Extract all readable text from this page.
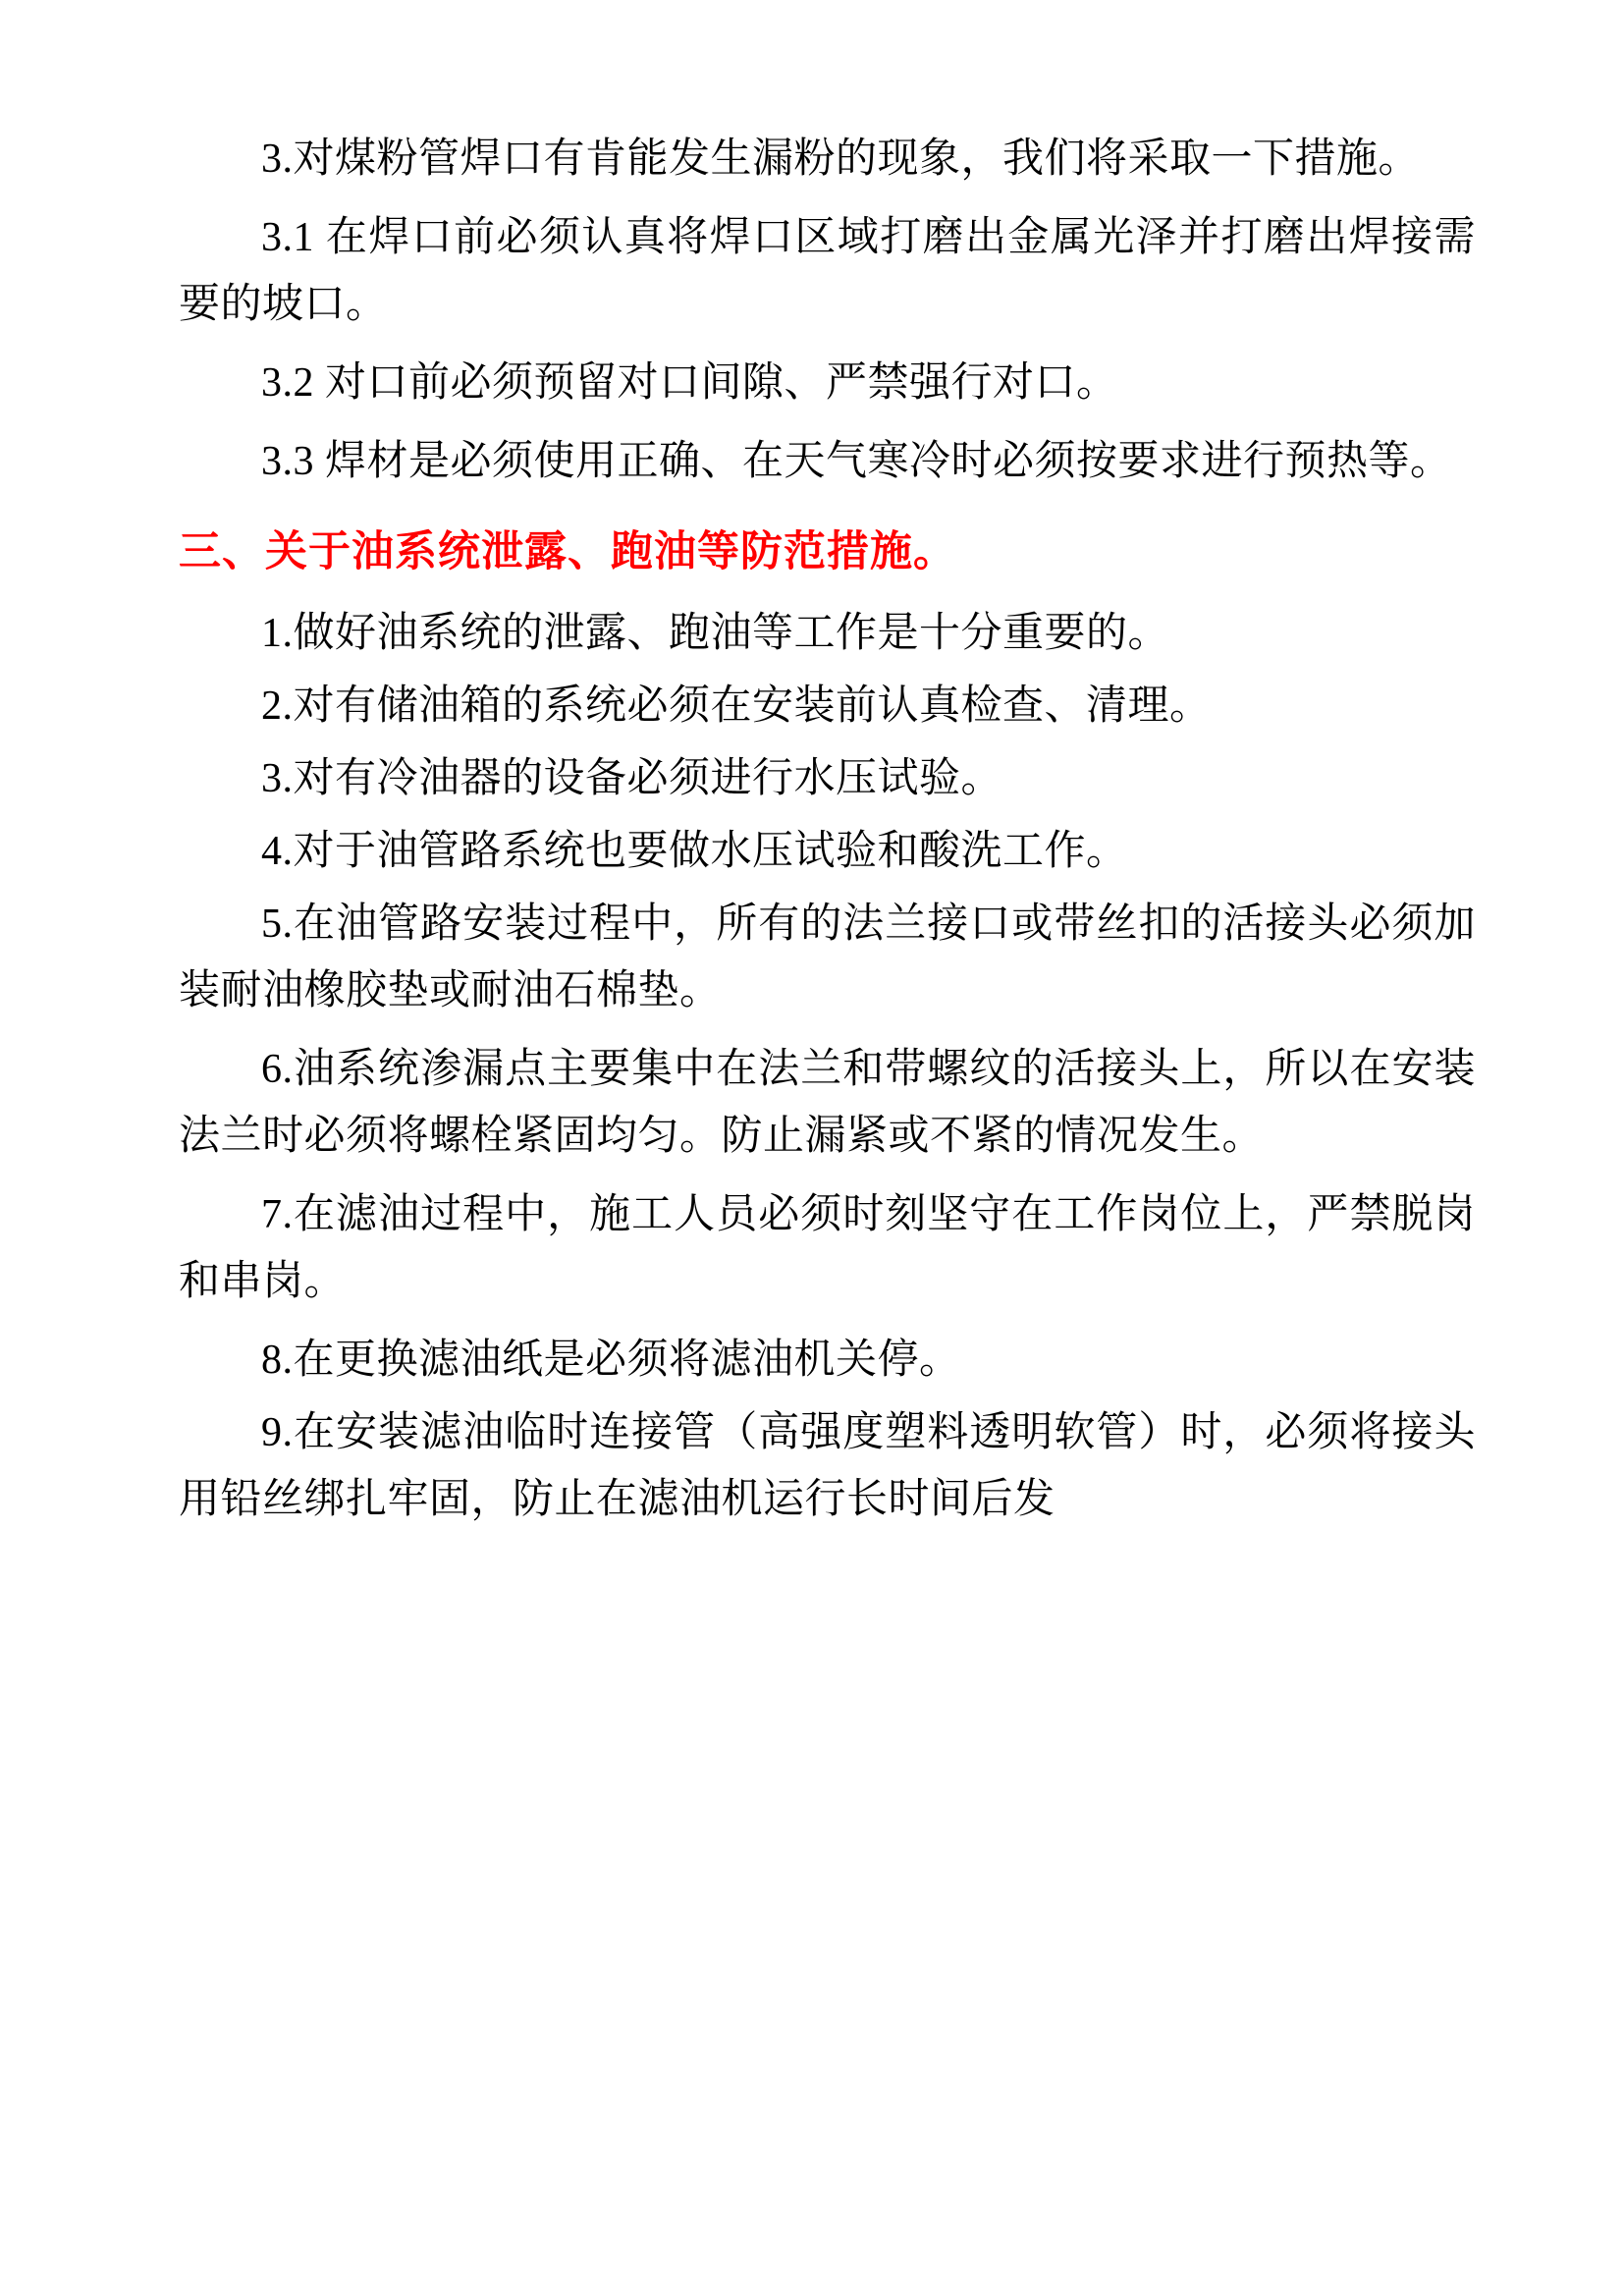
3.对煤粉管焊口有肯能发生漏粉的现象，我们将采取一下措施。

3.1 在焊口前必须认真将焊口区域打磨出金属光泽并打磨出焊接需要的坡口。

3.2 对口前必须预留对口间隙、严禁强行对口。

3.3 焊材是必须使用正确、在天气寒冷时必须按要求进行预热等。

三、关于油系统泄露、跑油等防范措施。

1.做好油系统的泄露、跑油等工作是十分重要的。

2.对有储油箱的系统必须在安装前认真检查、清理。

3.对有冷油器的设备必须进行水压试验。

4.对于油管路系统也要做水压试验和酸洗工作。

5.在油管路安装过程中，所有的法兰接口或带丝扣的活接头必须加装耐油橡胶垫或耐油石棉垫。

6.油系统渗漏点主要集中在法兰和带螺纹的活接头上，所以在安装法兰时必须将螺栓紧固均匀。防止漏紧或不紧的情况发生。

7.在滤油过程中，施工人员必须时刻坚守在工作岗位上，严禁脱岗和串岗。

8.在更换滤油纸是必须将滤油机关停。

9.在安装滤油临时连接管（高强度塑料透明软管）时，必须将接头用铅丝绑扎牢固，防止在滤油机运行长时间后发
